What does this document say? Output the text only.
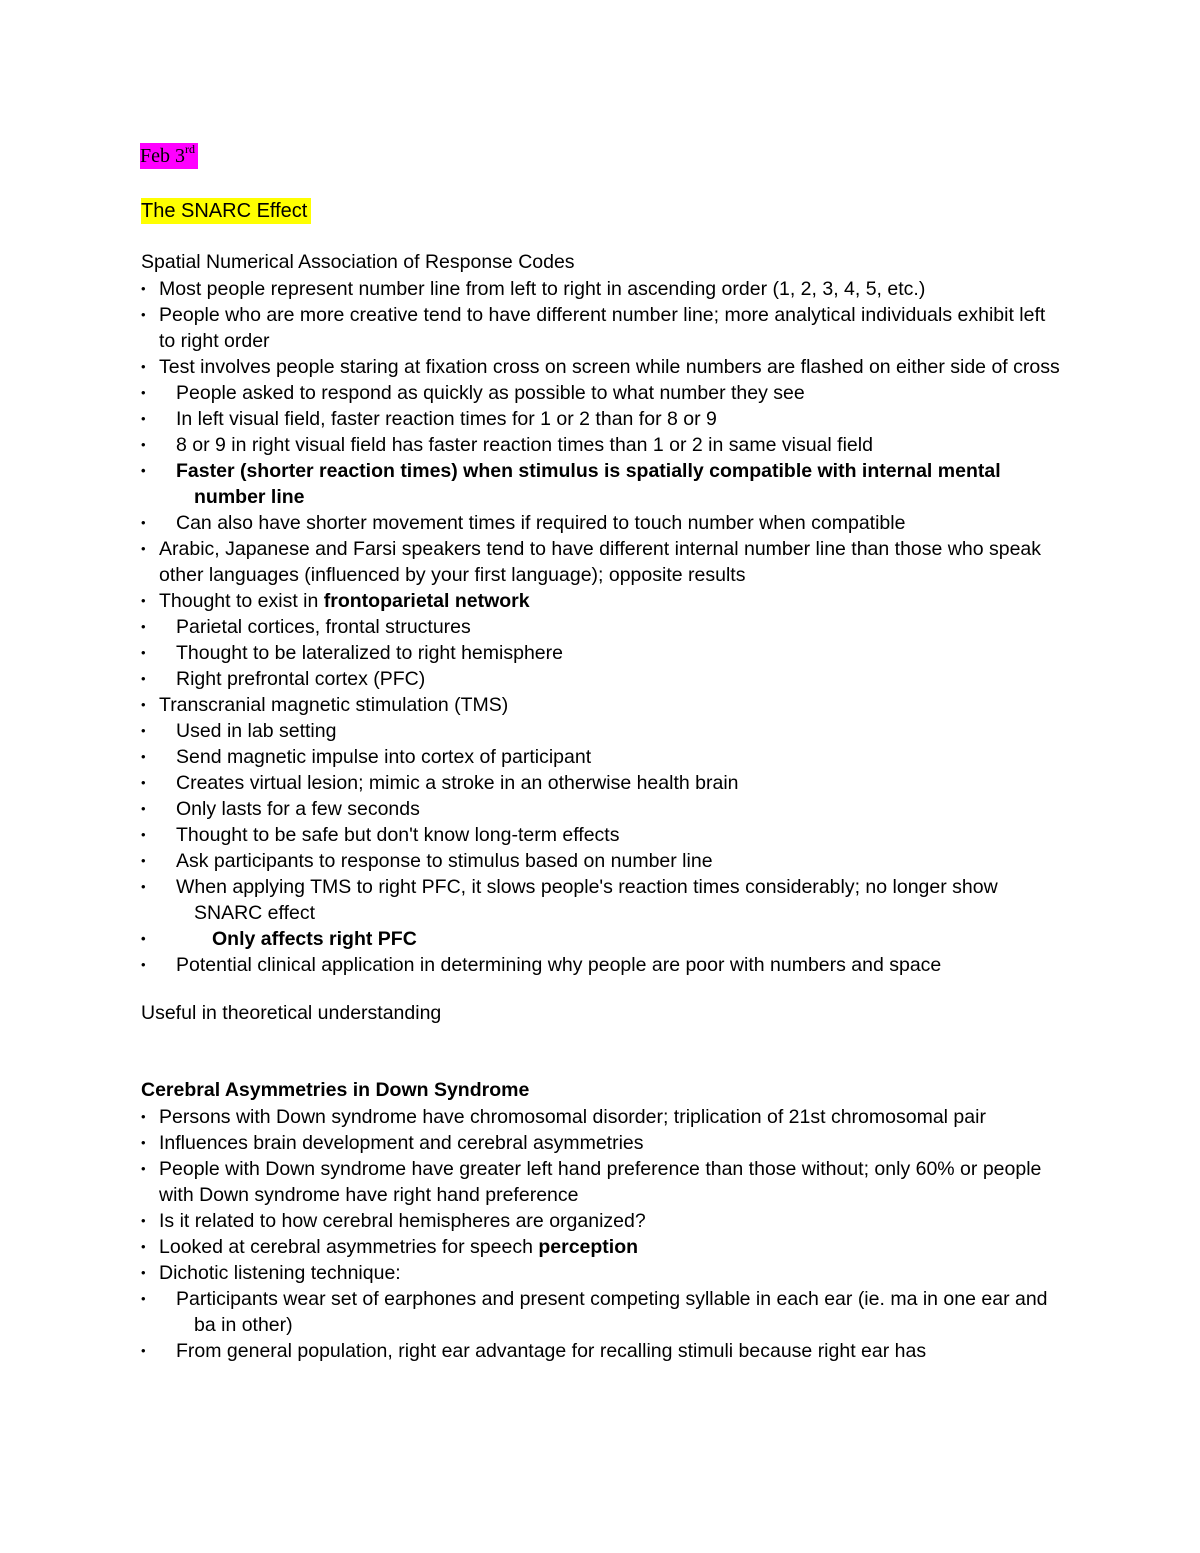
Feb 3rd
The SNARC Effect
Spatial Numerical Association of Response Codes
• Most people represent number line from left to right in ascending order (1, 2, 3, 4, 5, etc.)
• People who are more creative tend to have different number line; more analytical individuals exhibit left to right order
• Test involves people staring at fixation cross on screen while numbers are flashed on either side of cross
•	People asked to respond as quickly as possible to what number they see
•	In left visual field, faster reaction times for 1 or 2 than for 8 or 9
•	8 or 9 in right visual field has faster reaction times than 1 or 2 in same visual field
•	Faster (shorter reaction times) when stimulus is spatially compatible with internal mental number line
•	Can also have shorter movement times if required to touch number when compatible
• Arabic, Japanese and Farsi speakers tend to have different internal number line than those who speak other languages (influenced by your first language); opposite results
• Thought to exist in frontoparietal network
•	Parietal cortices, frontal structures
•	Thought to be lateralized to right hemisphere
•	Right prefrontal cortex (PFC)
• Transcranial magnetic stimulation (TMS)
•	Used in lab setting
•	Send magnetic impulse into cortex of participant
•	Creates virtual lesion; mimic a stroke in an otherwise health brain
•	Only lasts for a few seconds
•	Thought to be safe but don't know long-term effects
•	Ask participants to response to stimulus based on number line
•	When applying TMS to right PFC, it slows people's reaction times considerably; no longer show SNARC effect
•	Only affects right PFC
•	Potential clinical application in determining why people are poor with numbers and space
Useful in theoretical understanding
Cerebral Asymmetries in Down Syndrome
• Persons with Down syndrome have chromosomal disorder; triplication of 21st chromosomal pair
• Influences brain development and cerebral asymmetries
• People with Down syndrome have greater left hand preference than those without; only 60% or people with Down syndrome have right hand preference
• Is it related to how cerebral hemispheres are organized?
• Looked at cerebral asymmetries for speech perception
• Dichotic listening technique:
•	Participants wear set of earphones and present competing syllable in each ear (ie. ma in one ear and ba in other)
•	From general population, right ear advantage for recalling stimuli because right ear has
